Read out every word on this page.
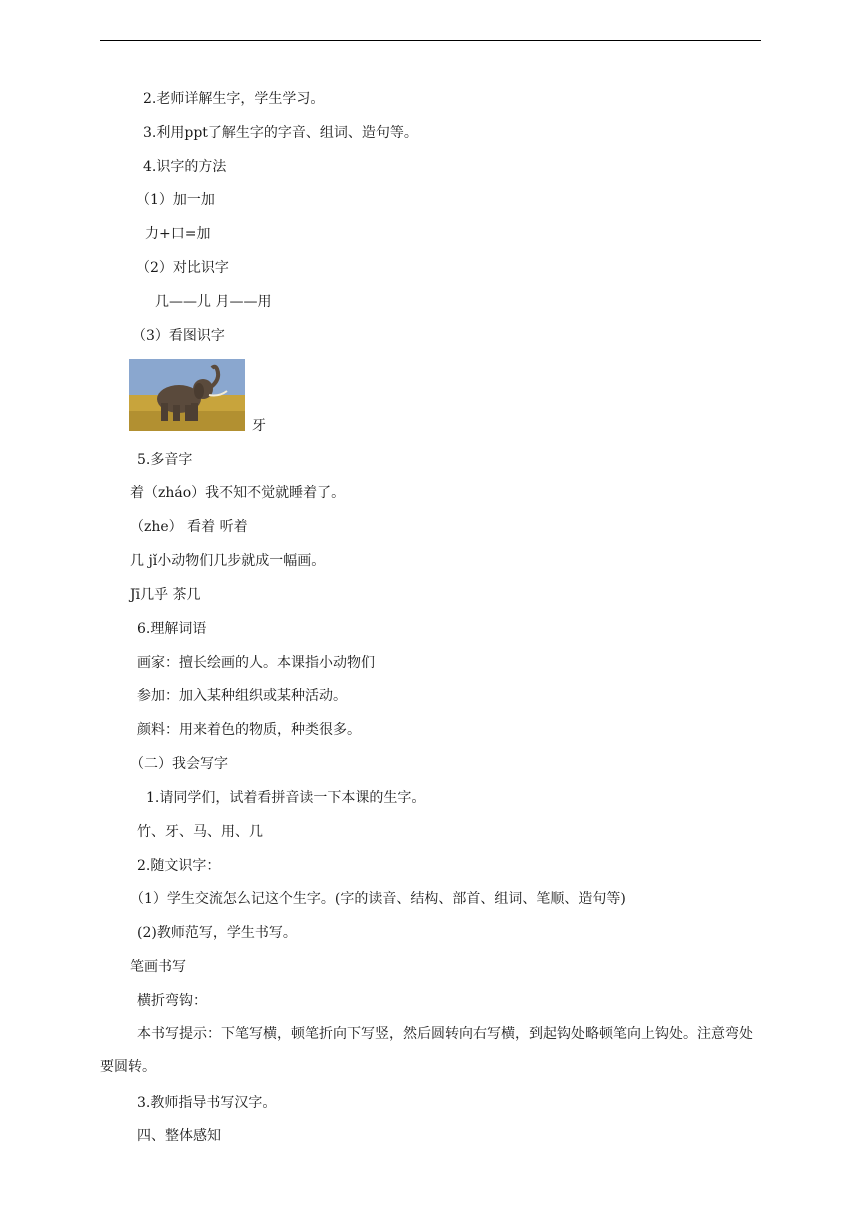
2.老师详解生字，学生学习。
3.利用ppt了解生字的字音、组词、造句等。
4.识字的方法
（1）加一加
力+口=加
（2）对比识字
几——儿 月——用
（3）看图识字
牙
5.多音字
着（zháo）我不知不觉就睡着了。
（zhe） 看着 听着
几 jǐ小动物们几步就成一幅画。
Jī几乎 茶几
6.理解词语
画家：擅长绘画的人。本课指小动物们
参加：加入某种组织或某种活动。
颜料：用来着色的物质，种类很多。
（二）我会写字
1.请同学们，试着看拼音读一下本课的生字。
竹、牙、马、用、几
2.随文识字：
（1）学生交流怎么记这个生字。(字的读音、结构、部首、组词、笔顺、造句等)
(2)教师范写，学生书写。
笔画书写
横折弯钩：
本书写提示：下笔写横，顿笔折向下写竖，然后圆转向右写横，到起钩处略顿笔向上钩处。注意弯处要圆转。
3.教师指导书写汉字。
四、整体感知
